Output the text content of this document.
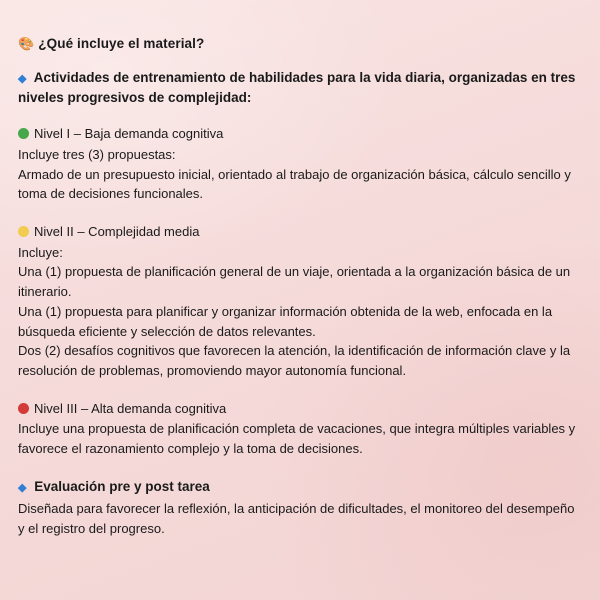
🎨 ¿Qué incluye el material?
◆ Actividades de entrenamiento de habilidades para la vida diaria, organizadas en tres niveles progresivos de complejidad:
Nivel I – Baja demanda cognitiva

Incluye tres (3) propuestas:

Armado de un presupuesto inicial, orientado al trabajo de organización básica, cálculo sencillo y toma de decisiones funcionales.

Nivel II – Complejidad media

Incluye:

Una (1) propuesta de planificación general de un viaje, orientada a la organización básica de un itinerario.

Una (1) propuesta para planificar y organizar información obtenida de la web, enfocada en la búsqueda eficiente y selección de datos relevantes.

Dos (2) desafíos cognitivos que favorecen la atención, la identificación de información clave y la resolución de problemas, promoviendo mayor autonomía funcional.

Nivel III – Alta demanda cognitiva

Incluye una propuesta de planificación completa de vacaciones, que integra múltiples variables y favorece el razonamiento complejo y la toma de decisiones.

◆ Evaluación pre y post tarea

Diseñada para favorecer la reflexión, la anticipación de dificultades, el monitoreo del desempeño y el registro del progreso.
